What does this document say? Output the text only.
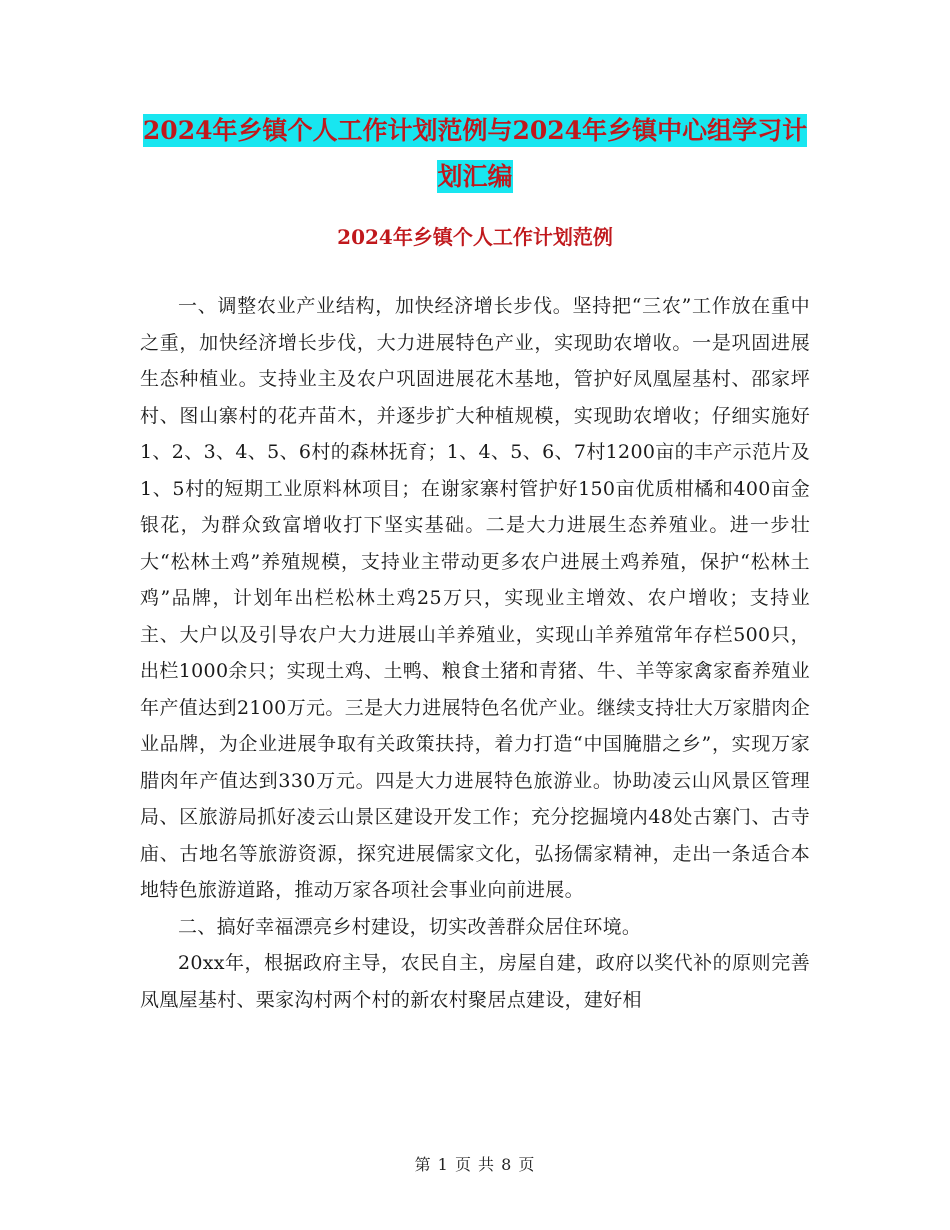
2024年乡镇个人工作计划范例与2024年乡镇中心组学习计划汇编
2024年乡镇个人工作计划范例

一、调整农业产业结构，加快经济增长步伐。坚持把“三农”工作放在重中之重，加快经济增长步伐，大力进展特色产业，实现助农增收。一是巩固进展生态种植业。支持业主及农户巩固进展花木基地，管护好凤凰屋基村、邵家坪村、图山寨村的花卉苗木，并逐步扩大种植规模，实现助农增收；仔细实施好1、2、3、4、5、6村的森林抚育；1、4、5、6、7村1200亩的丰产示范片及1、5村的短期工业原料林项目；在谢家寨村管护好150亩优质柑橘和400亩金银花，为群众致富增收打下坚实基础。二是大力进展生态养殖业。进一步壮大“松林土鸡”养殖规模，支持业主带动更多农户进展土鸡养殖，保护“松林土鸡”品牌，计划年出栏松林土鸡25万只，实现业主增效、农户增收；支持业主、大户以及引导农户大力进展山羊养殖业，实现山羊养殖常年存栏500只，出栏1000余只；实现土鸡、土鸭、粮食土猪和青猪、牛、羊等家禽家畜养殖业年产值达到2100万元。三是大力进展特色名优产业。继续支持壮大万家腊肉企业品牌，为企业进展争取有关政策扶持，着力打造“中国腌腊之乡”，实现万家腊肉年产值达到330万元。四是大力进展特色旅游业。协助凌云山风景区管理局、区旅游局抓好凌云山景区建设开发工作；充分挖掘境内48处古寨门、古寺庙、古地名等旅游资源，探究进展儒家文化，弘扬儒家精神，走出一条适合本地特色旅游道路，推动万家各项社会事业向前进展。

二、搞好幸福漂亮乡村建设，切实改善群众居住环境。

20xx年，根据政府主导，农民自主，房屋自建，政府以奖代补的原则完善凤凰屋基村、栗家沟村两个村的新农村聚居点建设，建好相

第 1 页 共 8 页
